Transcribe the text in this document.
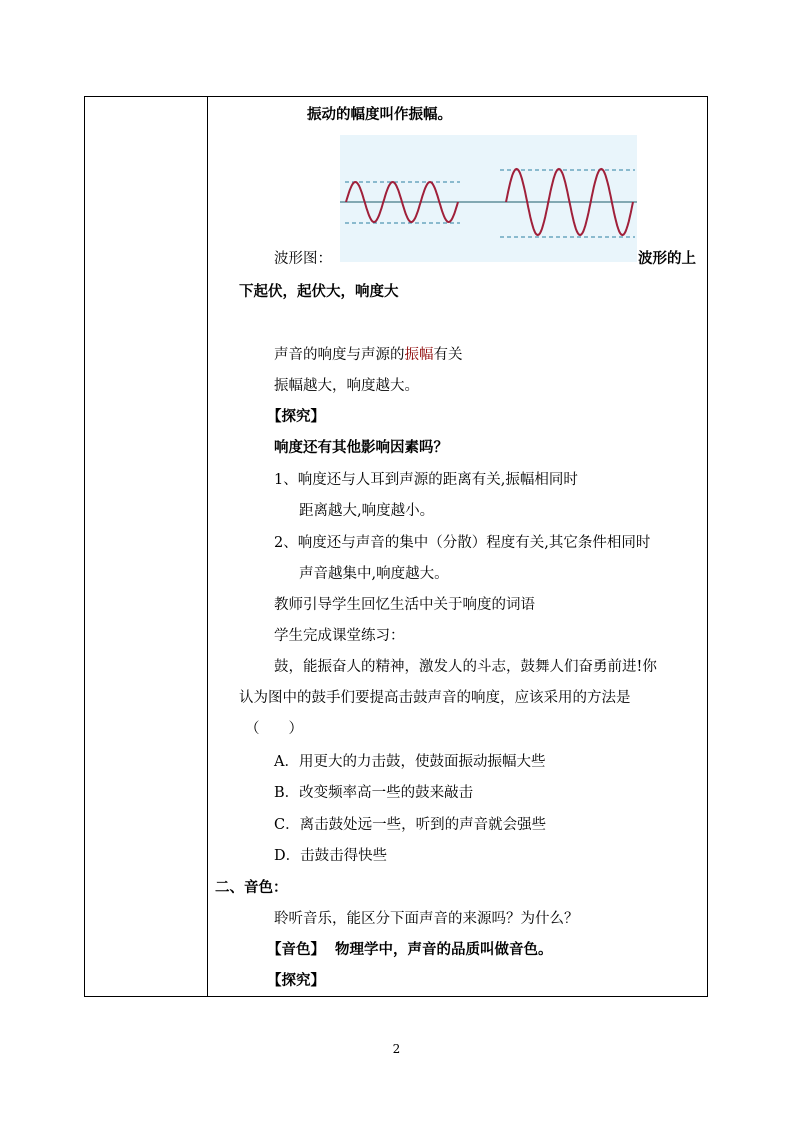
振动的幅度叫作振幅。
波形图：	波形的上
下起伏，起伏大，响度大
声音的响度与声源的振幅有关
振幅越大，响度越大。
【探究】
响度还有其他影响因素吗？
1、响度还与人耳到声源的距离有关,振幅相同时
距离越大,响度越小。
2、响度还与声音的集中（分散）程度有关,其它条件相同时
声音越集中,响度越大。
教师引导学生回忆生活中关于响度的词语
学生完成课堂练习：
鼓，能振奋人的精神，激发人的斗志，鼓舞人们奋勇前进!你
认为图中的鼓手们要提高击鼓声音的响度，应该采用的方法是
（　　）
A．用更大的力击鼓，使鼓面振动振幅大些
B．改变频率高一些的鼓来敲击
C．离击鼓处远一些，听到的声音就会强些
D．击鼓击得快些
二、音色：
聆听音乐，能区分下面声音的来源吗？为什么？
【音色】 物理学中，声音的品质叫做音色。
【探究】
2
